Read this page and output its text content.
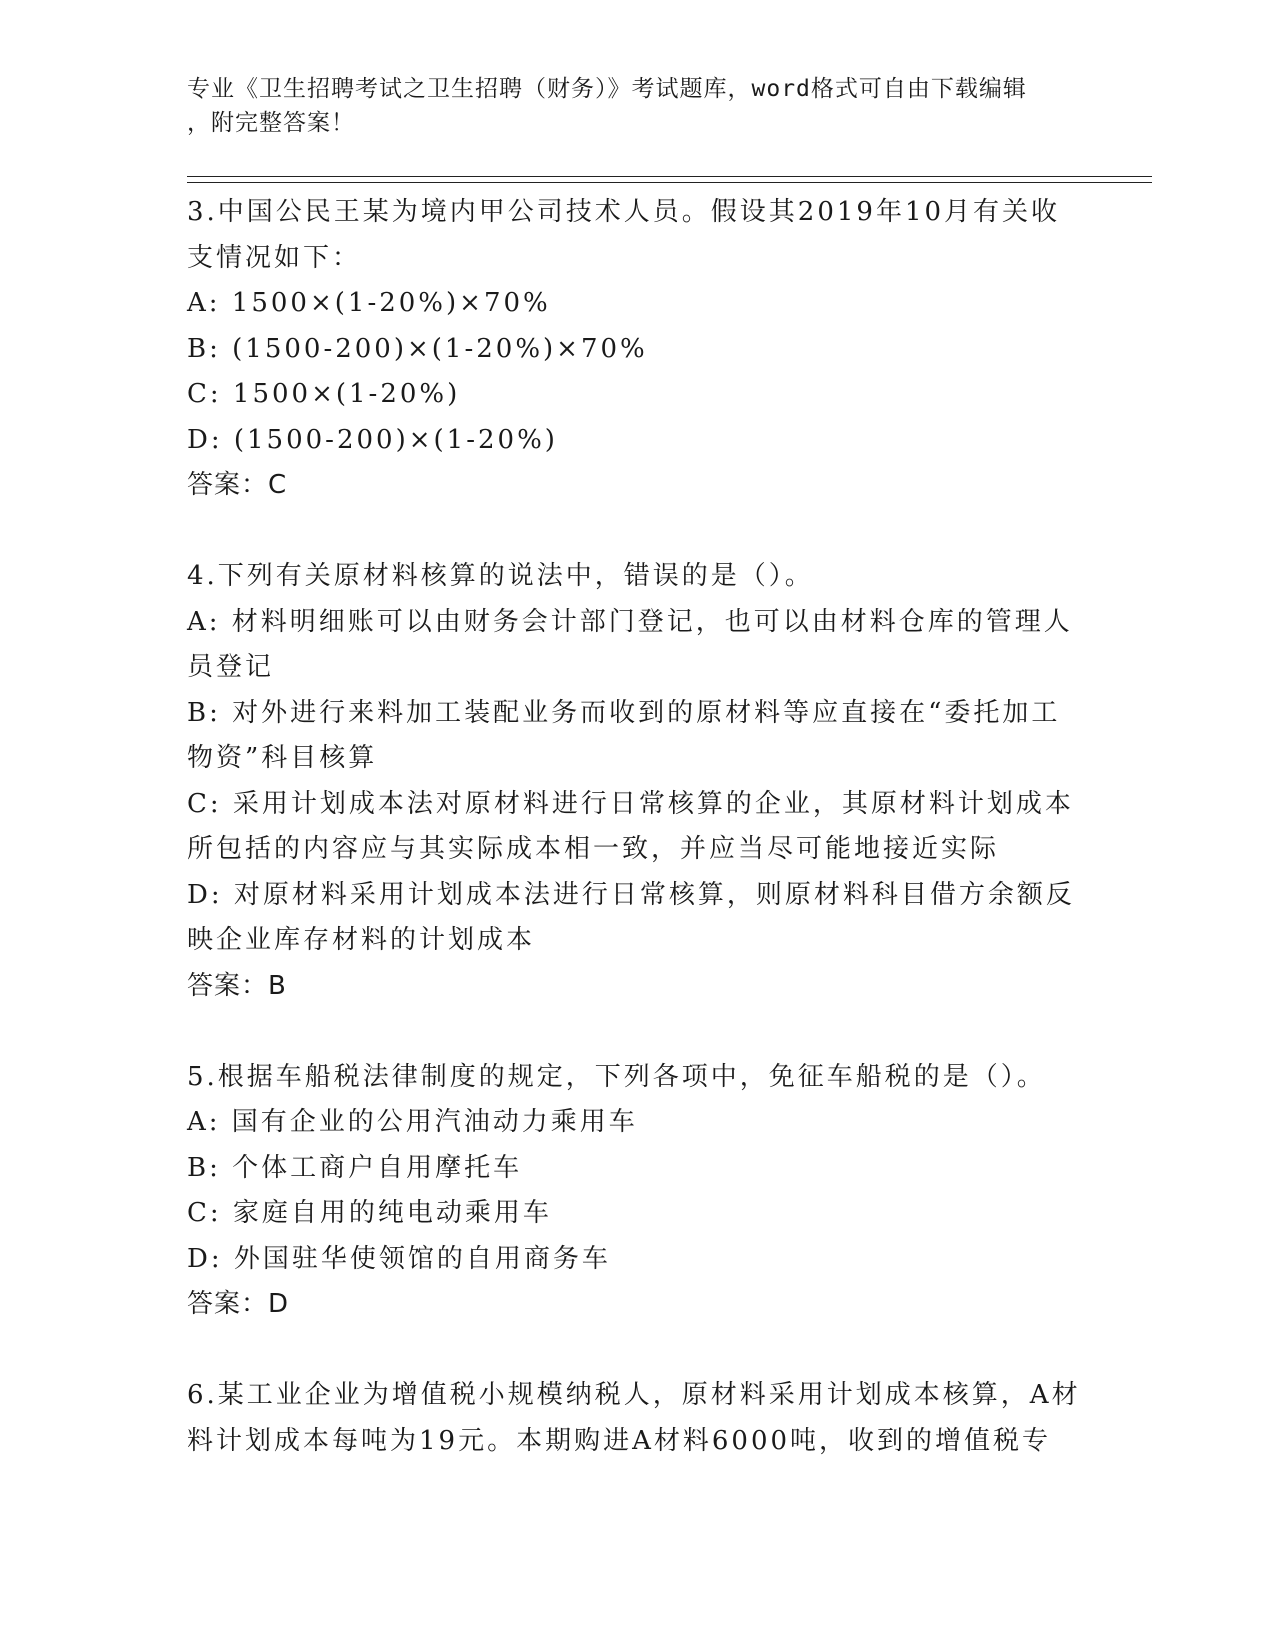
专业《卫生招聘考试之卫生招聘（财务）》考试题库，word格式可自由下载编辑
，附完整答案！
3.中国公民王某为境内甲公司技术人员。假设其2019年10月有关收
支情况如下：
A: 1500×(1-20%)×70%
B: (1500-200)×(1-20%)×70%
C: 1500×(1-20%)
D: (1500-200)×(1-20%)
答案：C
4.下列有关原材料核算的说法中，错误的是（）。
A: 材料明细账可以由财务会计部门登记，也可以由材料仓库的管理人
员登记
B: 对外进行来料加工装配业务而收到的原材料等应直接在“委托加工
物资”科目核算
C: 采用计划成本法对原材料进行日常核算的企业，其原材料计划成本
所包括的内容应与其实际成本相一致，并应当尽可能地接近实际
D: 对原材料采用计划成本法进行日常核算，则原材料科目借方余额反
映企业库存材料的计划成本
答案：B
5.根据车船税法律制度的规定，下列各项中，免征车船税的是（）。
A: 国有企业的公用汽油动力乘用车
B: 个体工商户自用摩托车
C: 家庭自用的纯电动乘用车
D: 外国驻华使领馆的自用商务车
答案：D
6.某工业企业为增值税小规模纳税人，原材料采用计划成本核算，A材
料计划成本每吨为19元。本期购进A材料6000吨，收到的增值税专
